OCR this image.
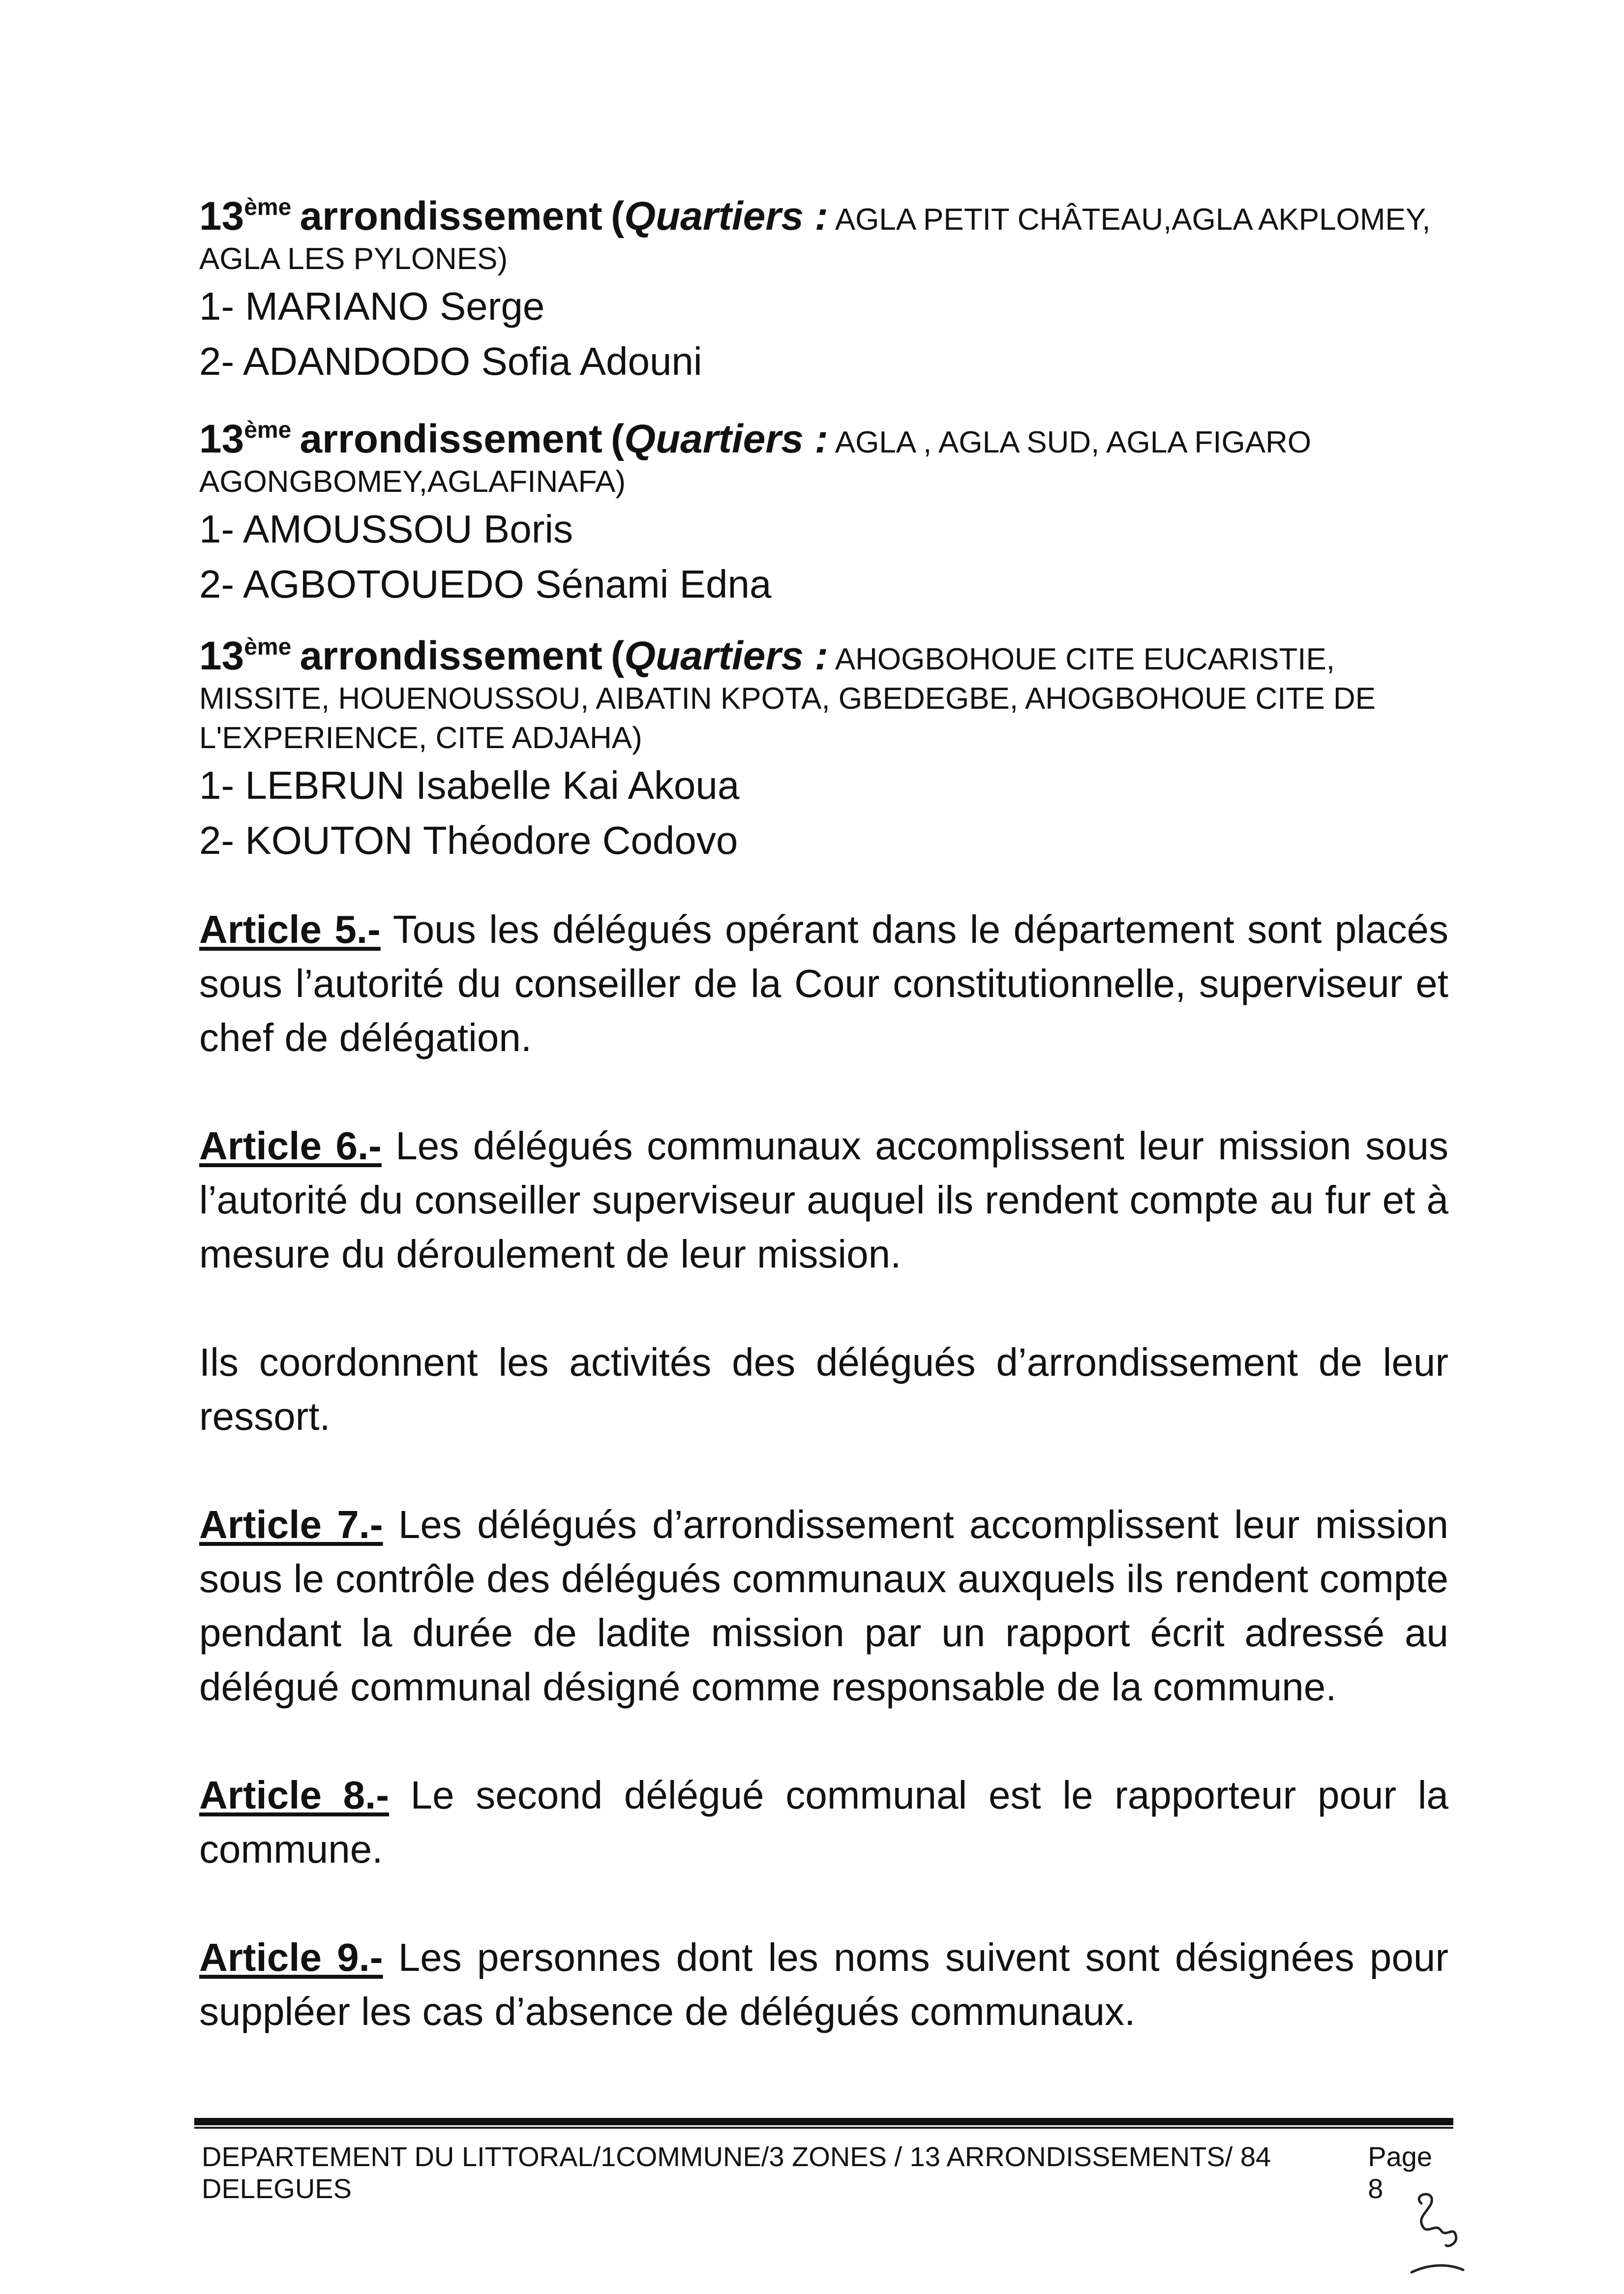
13ème arrondissement (Quartiers : AGLA PETIT CHÂTEAU,AGLA AKPLOMEY, AGLA LES PYLONES)
1- MARIANO Serge
2- ADANDODO Sofia Adouni
13ème arrondissement (Quartiers : AGLA , AGLA SUD, AGLA FIGARO AGONGBOMEY,AGLAFINAFA)
1- AMOUSSOU Boris
2- AGBOTOUEDO Sénami Edna
13ème arrondissement (Quartiers : AHOGBOHOUE CITE EUCARISTIE, MISSITE, HOUENOUSSOU, AIBATIN KPOTA, GBEDEGBE, AHOGBOHOUE CITE DE L'EXPERIENCE, CITE ADJAHA)
1- LEBRUN Isabelle Kai Akoua
2- KOUTON Théodore Codovo

Article 5.- Tous les délégués opérant dans le département sont placés sous l’autorité du conseiller de la Cour constitutionnelle, superviseur et chef de délégation.

Article 6.- Les délégués communaux accomplissent leur mission sous l’autorité du conseiller superviseur auquel ils rendent compte au fur et à mesure du déroulement de leur mission.

Ils coordonnent les activités des délégués d’arrondissement de leur ressort.

Article 7.- Les délégués d’arrondissement accomplissent leur mission sous le contrôle des délégués communaux auxquels ils rendent compte pendant la durée de ladite mission par un rapport écrit adressé au délégué communal désigné comme responsable de la commune.

Article 8.- Le second délégué communal est le rapporteur pour la commune.

Article 9.- Les personnes dont les noms suivent sont désignées pour suppléer les cas d’absence de délégués communaux.

DEPARTEMENT DU LITTORAL/1COMMUNE/3 ZONES / 13 ARRONDISSEMENTS/ 84 DELEGUES
Page 8
